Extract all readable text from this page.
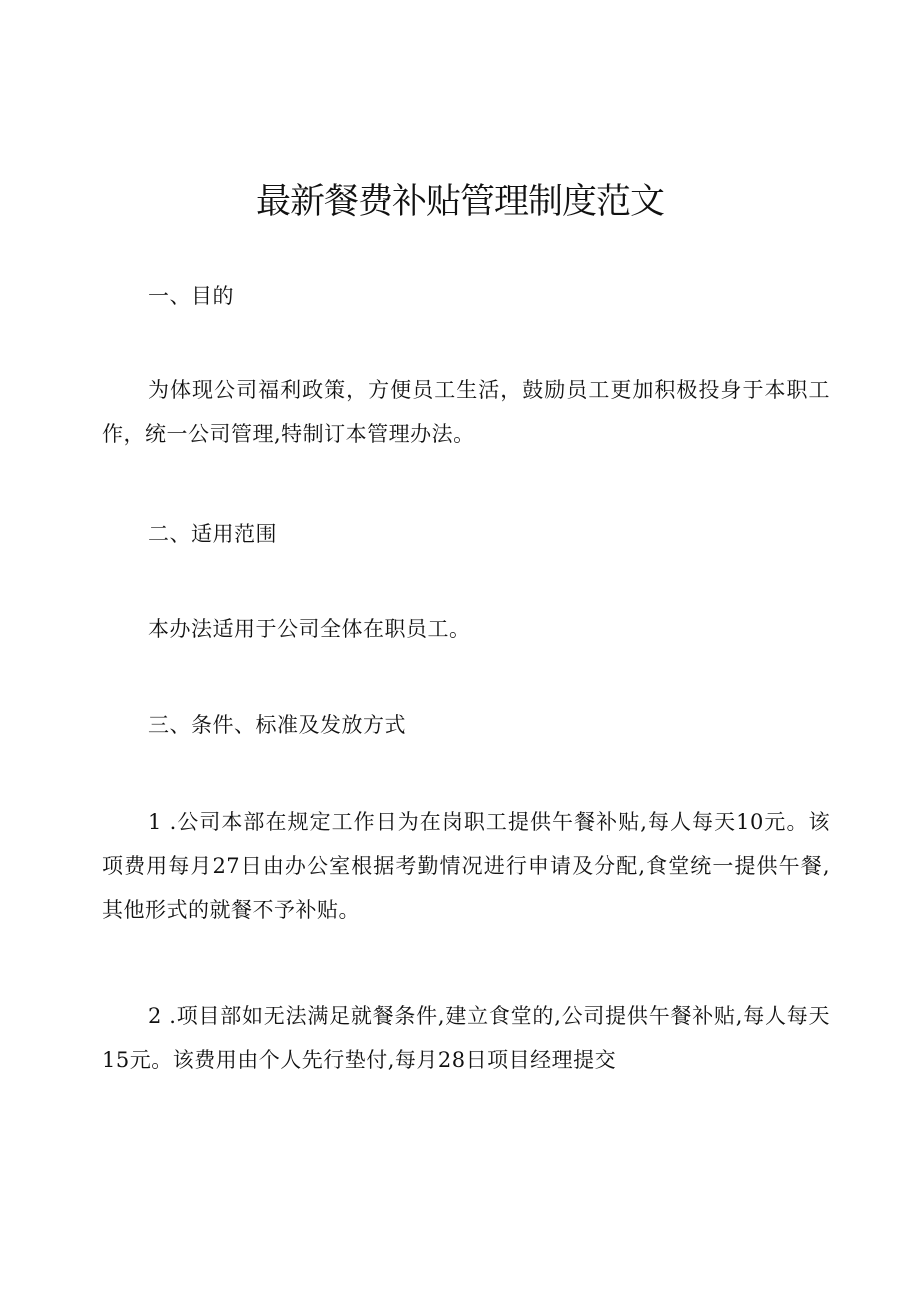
最新餐费补贴管理制度范文

一、目的

为体现公司福利政策，方便员工生活，鼓励员工更加积极投身于本职工作，统一公司管理,特制订本管理办法。

二、适用范围

本办法适用于公司全体在职员工。

三、条件、标准及发放方式

1 .公司本部在规定工作日为在岗职工提供午餐补贴,每人每天10元。该项费用每月27日由办公室根据考勤情况进行申请及分配,食堂统一提供午餐,其他形式的就餐不予补贴。

2 .项目部如无法满足就餐条件,建立食堂的,公司提供午餐补贴,每人每天15元。该费用由个人先行垫付,每月28日项目经理提交
